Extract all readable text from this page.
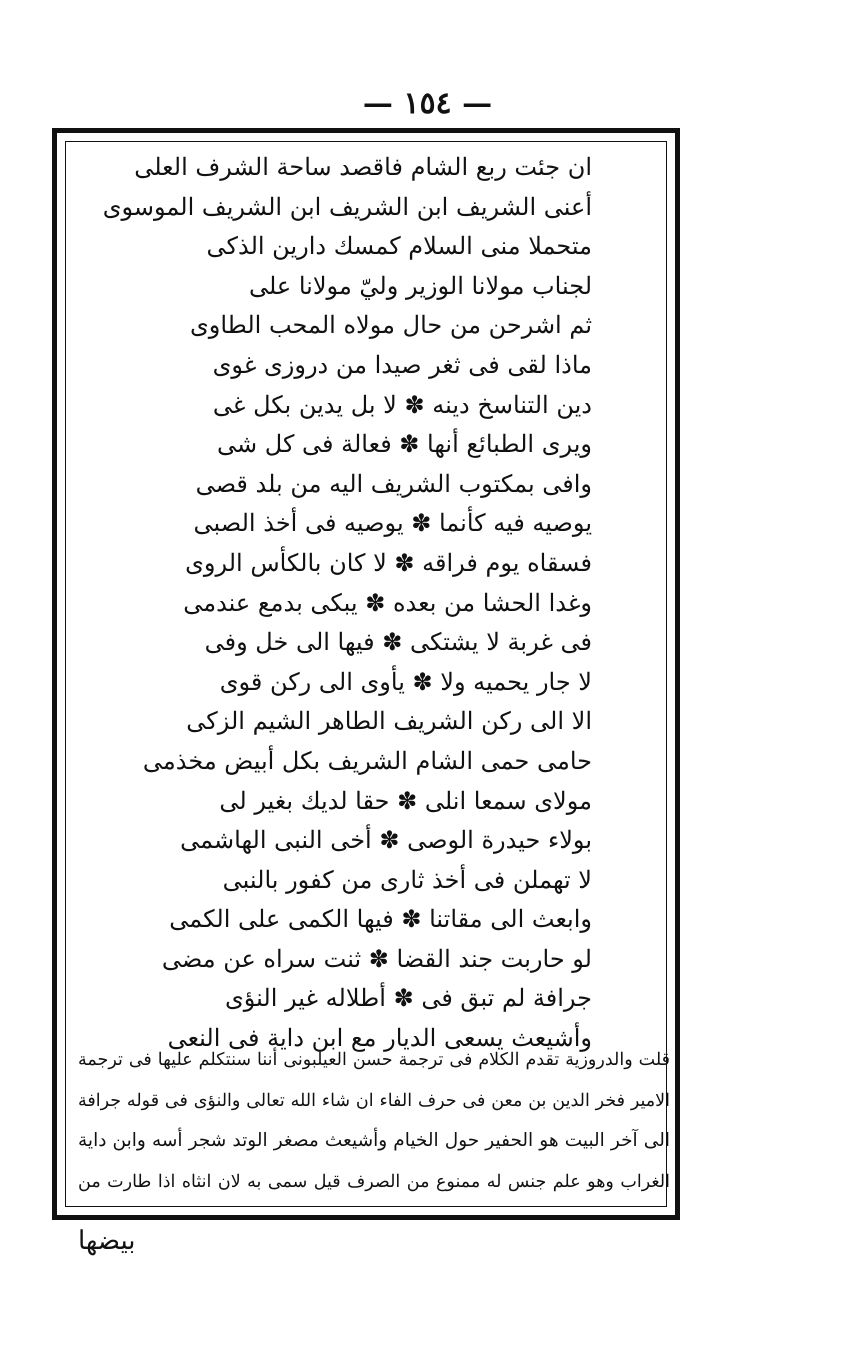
— ١٥٤ —
ان جئت ربع الشام فاقصد ساحة الشرف العلى
أعنى الشريف ابن الشريف ابن الشريف الموسوى
متحملا منى السلام كمسك دارين الذكى
لجناب مولانا الوزير وليّ مولانا على
ثم اشرحن من حال مولاه المحب الطاوى
ماذا لقى فى ثغر صيدا من دروزى غوى
دين التناسخ دينه ✽ لا بل يدين بكل غى
ويرى الطبائع أنها ✽ فعالة فى كل شى
وافى بمكتوب الشريف اليه من بلد قصى
يوصيه فيه كأنما ✽ يوصيه فى أخذ الصبى
فسقاه يوم فراقه ✽ لا كان بالكأس الروى
وغدا الحشا من بعده ✽ يبكى بدمع عندمى
فى غربة لا يشتكى ✽ فيها الى خل وفى
لا جار يحميه ولا ✽ يأوى الى ركن قوى
الا الى ركن الشريف الطاهر الشيم الزكى
حامى حمى الشام الشريف بكل أبيض مخذمى
مولاى سمعا انلى ✽ حقا لديك بغير لى
بولاء حيدرة الوصى ✽ أخى النبى الهاشمى
لا تهملن فى أخذ ثارى من كفور بالنبى
وابعث الى مقاتنا ✽ فيها الكمى على الكمى
لو حاربت جند القضا ✽ ثنت سراه عن مضى
جرافة لم تبق فى ✽ أطلاله غير النؤى
وأشيعث يسعى الديار مع ابن داية فى النعى
قلت والدروزية تقدم الكلام فى ترجمة حسن العيلبونى أننا سنتكلم عليها فى ترجمة
الامير فخر الدين بن معن فى حرف الفاء ان شاء الله تعالى والنؤى فى قوله جرافة
الى آخر البيت هو الحفير حول الخيام وأشيعث مصغر الوتد شجر أسه وابن داية
الغراب وهو علم جنس له ممنوع من الصرف قيل سمى به لان انثاه اذا طارت من
بيضها
